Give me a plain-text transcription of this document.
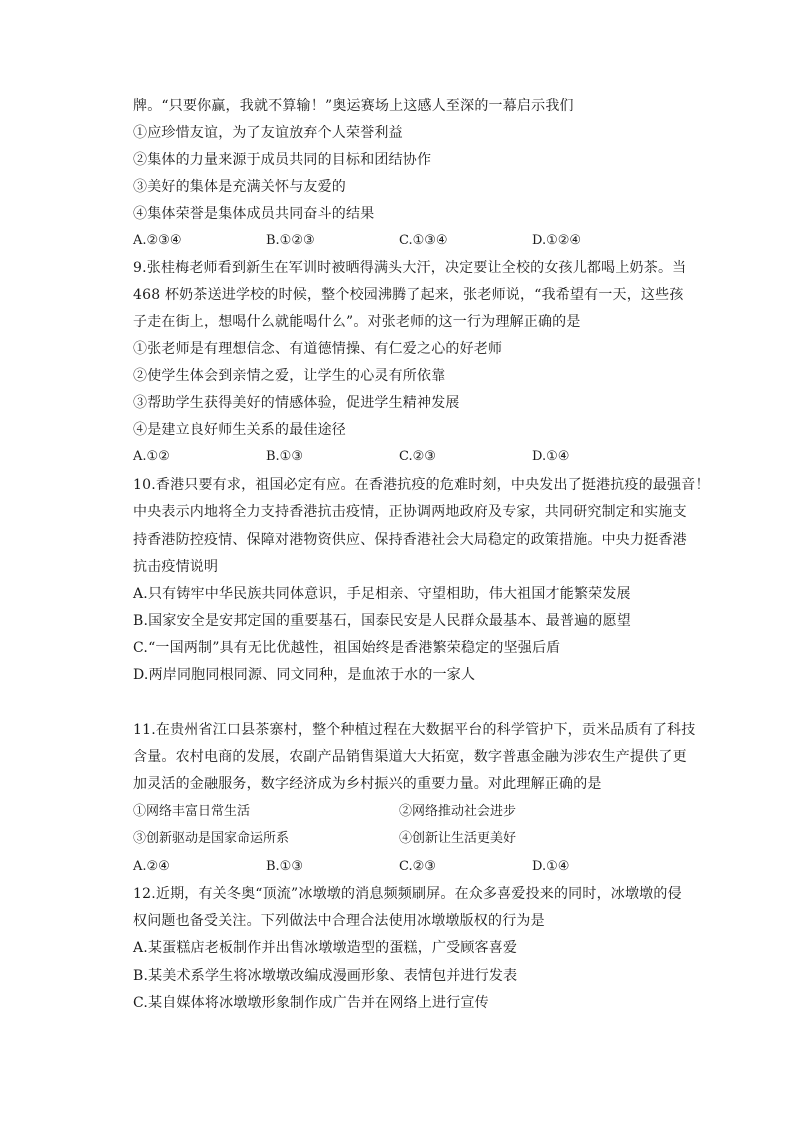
牌。“只要你赢，我就不算输！”奥运赛场上这感人至深的一幕启示我们
①应珍惜友谊，为了友谊放弃个人荣誉利益
②集体的力量来源于成员共同的目标和团结协作
③美好的集体是充满关怀与友爱的
④集体荣誉是集体成员共同奋斗的结果
A.②③④	B.①②③	C.①③④	D.①②④
9.张桂梅老师看到新生在军训时被晒得满头大汗，决定要让全校的女孩儿都喝上奶茶。当
468 杯奶茶送进学校的时候，整个校园沸腾了起来，张老师说，“我希望有一天，这些孩
子走在街上，想喝什么就能喝什么”。对张老师的这一行为理解正确的是
①张老师是有理想信念、有道德情操、有仁爱之心的好老师
②使学生体会到亲情之爱，让学生的心灵有所依靠
③帮助学生获得美好的情感体验，促进学生精神发展
④是建立良好师生关系的最佳途径
A.①②	B.①③	C.②③	D.①④
10.香港只要有求，祖国必定有应。在香港抗疫的危难时刻，中央发出了挺港抗疫的最强音！
中央表示内地将全力支持香港抗击疫情，正协调两地政府及专家，共同研究制定和实施支
持香港防控疫情、保障对港物资供应、保持香港社会大局稳定的政策措施。中央力挺香港
抗击疫情说明
A.只有铸牢中华民族共同体意识，手足相亲、守望相助，伟大祖国才能繁荣发展
B.国家安全是安邦定国的重要基石，国泰民安是人民群众最基本、最普遍的愿望
C.“一国两制”具有无比优越性，祖国始终是香港繁荣稳定的坚强后盾
D.两岸同胞同根同源、同文同种，是血浓于水的一家人
11.在贵州省江口县茶寨村，整个种植过程在大数据平台的科学管护下，贡米品质有了科技
含量。农村电商的发展，农副产品销售渠道大大拓宽，数字普惠金融为涉农生产提供了更
加灵活的金融服务，数字经济成为乡村振兴的重要力量。对此理解正确的是
①网络丰富日常生活	②网络推动社会进步
③创新驱动是国家命运所系	④创新让生活更美好
A.②④	B.①③	C.②③	D.①④
12.近期，有关冬奥“顶流”冰墩墩的消息频频刷屏。在众多喜爱投来的同时，冰墩墩的侵
权问题也备受关注。下列做法中合理合法使用冰墩墩版权的行为是
A.某蛋糕店老板制作并出售冰墩墩造型的蛋糕，广受顾客喜爱
B.某美术系学生将冰墩墩改编成漫画形象、表情包并进行发表
C.某自媒体将冰墩墩形象制作成广告并在网络上进行宣传
